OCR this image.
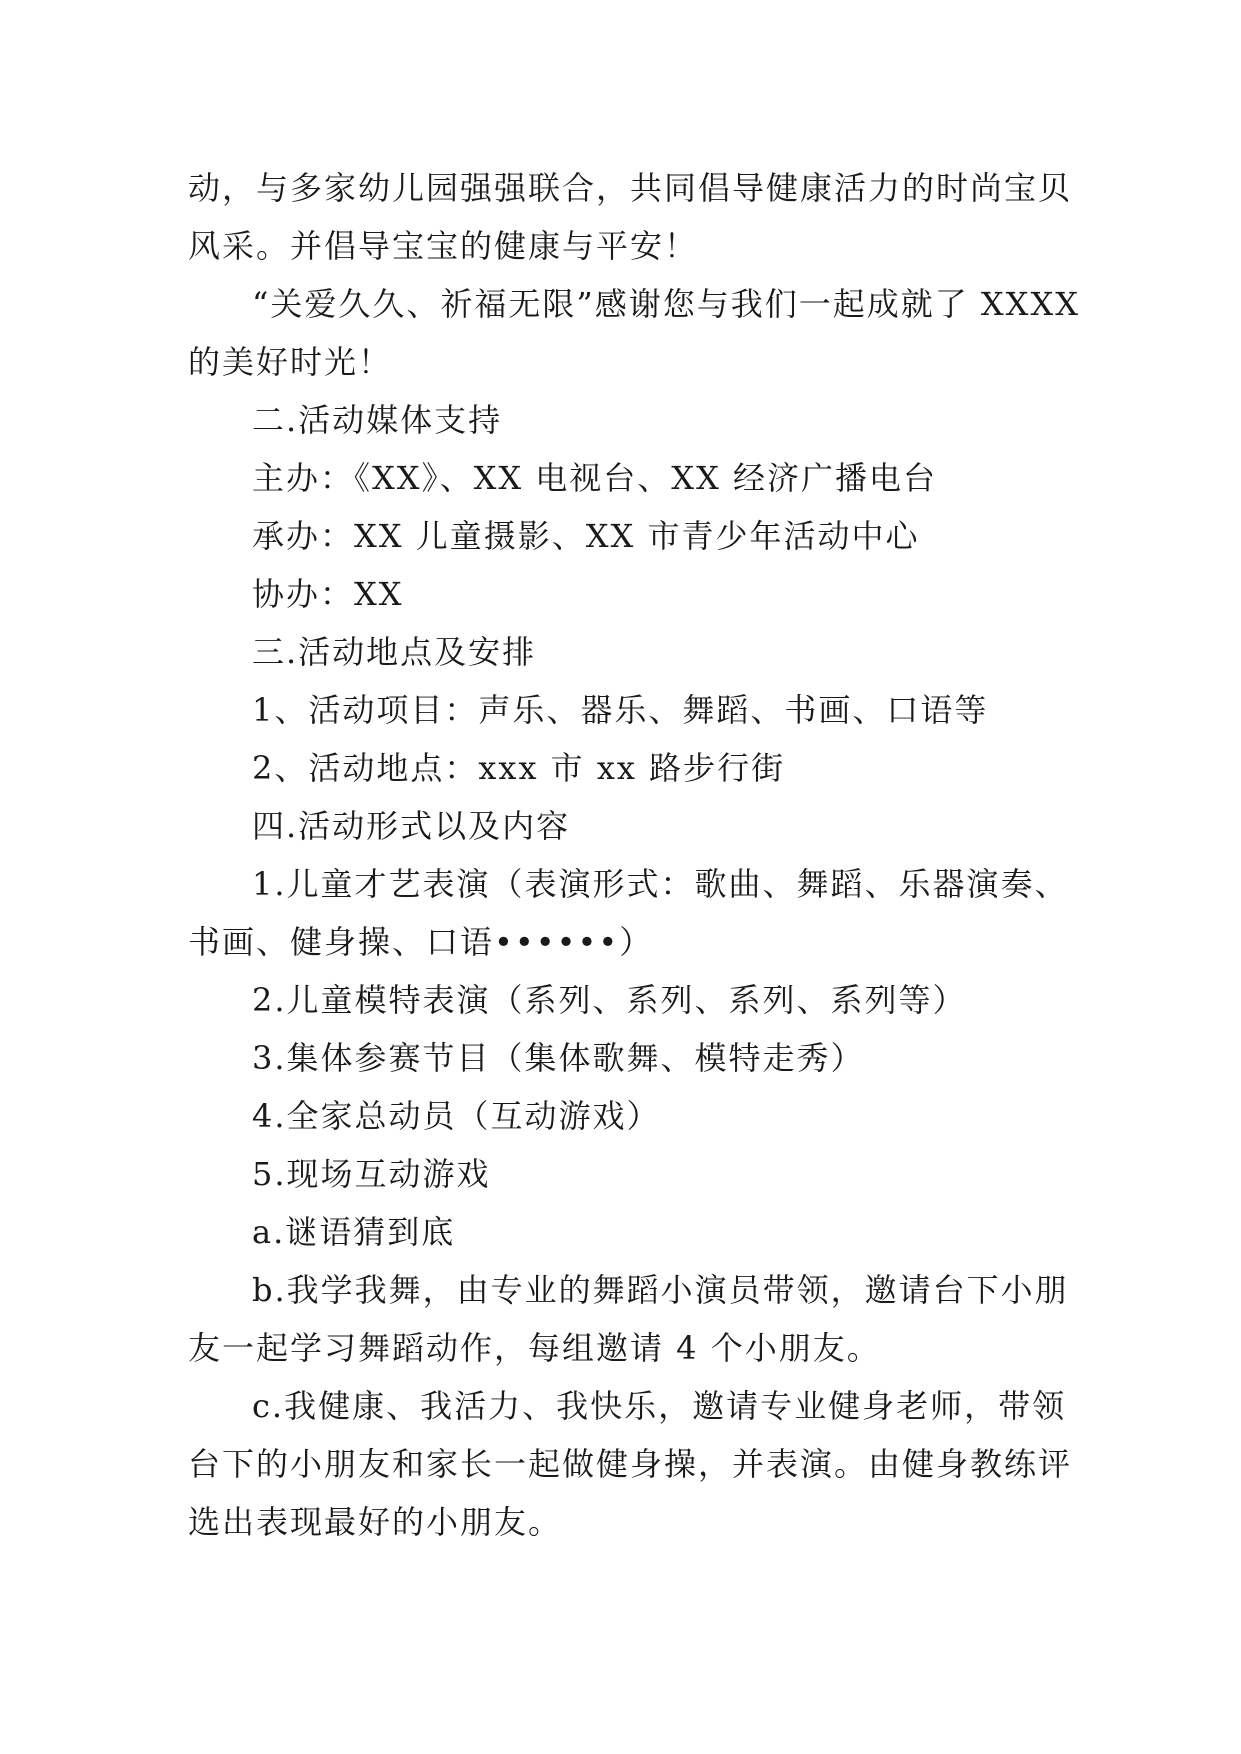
动，与多家幼儿园强强联合，共同倡导健康活力的时尚宝贝
风采。并倡导宝宝的健康与平安！
“关爱久久、祈福无限”感谢您与我们一起成就了 XXXX
的美好时光！
二.活动媒体支持
主办：《XX》、XX 电视台、XX 经济广播电台
承办：XX 儿童摄影、XX 市青少年活动中心
协办：XX
三.活动地点及安排
1、活动项目：声乐、器乐、舞蹈、书画、口语等
2、活动地点：xxx 市 xx 路步行街
四.活动形式以及内容
1.儿童才艺表演（表演形式：歌曲、舞蹈、乐器演奏、
书画、健身操、口语••••••）
2.儿童模特表演（系列、系列、系列、系列等）
3.集体参赛节目（集体歌舞、模特走秀）
4.全家总动员（互动游戏）
5.现场互动游戏
a.谜语猜到底
b.我学我舞，由专业的舞蹈小演员带领，邀请台下小朋
友一起学习舞蹈动作，每组邀请 4 个小朋友。
c.我健康、我活力、我快乐，邀请专业健身老师，带领
台下的小朋友和家长一起做健身操，并表演。由健身教练评
选出表现最好的小朋友。
